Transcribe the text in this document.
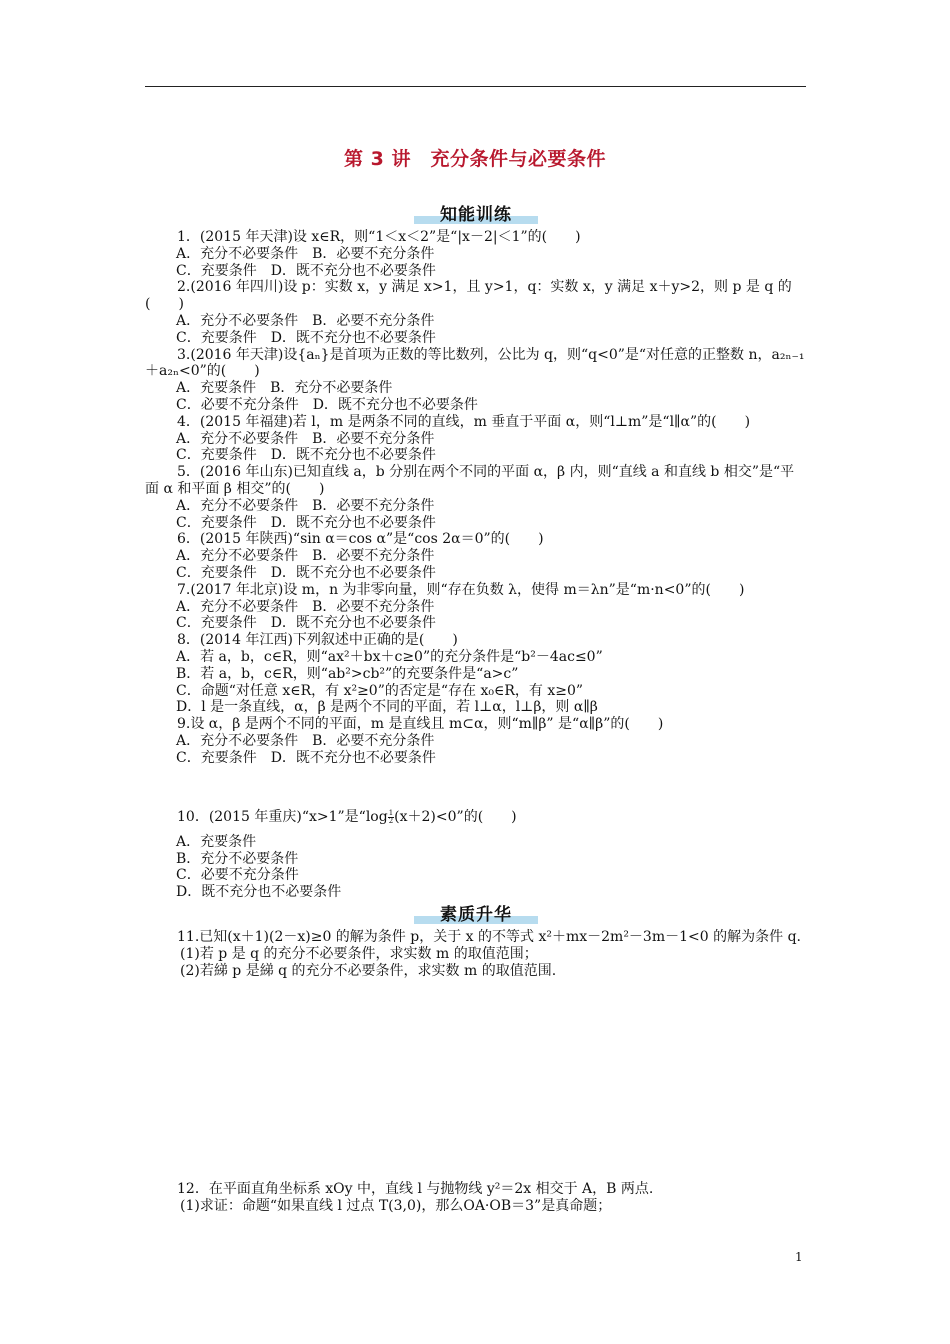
第 3 讲　充分条件与必要条件
知能训练
1．(2015 年天津)设 x∈R，则“1＜x＜2”是“|x－2|＜1”的(　　)
A．充分不必要条件　B．必要不充分条件
C．充要条件　D．既不充分也不必要条件
2.(2016 年四川)设 p：实数 x，y 满足 x>1，且 y>1，q：实数 x，y 满足 x＋y>2，则 p 是 q 的(　　)
A．充分不必要条件　B．必要不充分条件
C．充要条件　D．既不充分也不必要条件
3.(2016 年天津)设{aₙ}是首项为正数的等比数列，公比为 q，则“q<0”是“对任意的正整数 n，a₂ₙ₋₁＋a₂ₙ<0”的(　　)
A．充要条件　B．充分不必要条件
C．必要不充分条件　D．既不充分也不必要条件
4．(2015 年福建)若 l，m 是两条不同的直线，m 垂直于平面 α，则“l⊥m”是“l∥α”的(　　)
A．充分不必要条件　B．必要不充分条件
C．充要条件　D．既不充分也不必要条件
5．(2016 年山东)已知直线 a，b 分别在两个不同的平面 α，β 内，则“直线 a 和直线 b 相交”是“平面 α 和平面 β 相交”的(　　)
A．充分不必要条件　B．必要不充分条件
C．充要条件　D．既不充分也不必要条件
6．(2015 年陕西)“sin α＝cos α”是“cos 2α＝0”的(　　)
A．充分不必要条件　B．必要不充分条件
C．充要条件　D．既不充分也不必要条件
7.(2017 年北京)设 m，n 为非零向量，则“存在负数 λ，使得 m＝λn”是“m·n<0”的(　　)
A．充分不必要条件　B．必要不充分条件
C．充要条件　D．既不充分也不必要条件
8．(2014 年江西)下列叙述中正确的是(　　)
A．若 a，b，c∈R，则“ax²＋bx＋c≥0”的充分条件是“b²－4ac≤0”
B．若 a，b，c∈R，则“ab²>cb²”的充要条件是“a>c”
C．命题“对任意 x∈R，有 x²≥0”的否定是“存在 x₀∈R，有 x≥0”
D．l 是一条直线，α，β 是两个不同的平面，若 l⊥α，l⊥β，则 α∥β
9.设 α，β 是两个不同的平面，m 是直线且 m⊂α，则“m∥β” 是“α∥β”的(　　)
A．充分不必要条件　B．必要不充分条件
C．充要条件　D．既不充分也不必要条件
10．(2015 年重庆)“x>1”是“$\log \frac{1}{2} (x+2)<0$”的(　　)
A．充要条件
B．充分不必要条件
C．必要不充分条件
D．既不充分也不必要条件
素质升华
11.已知(x＋1)(2－x)≥0 的解为条件 p，关于 x 的不等式 x²＋mx－2m²－3m－1<0 的解为条件 q.
(1)若 p 是 q 的充分不必要条件，求实数 m 的取值范围；
(2)若綈 p 是綈 q 的充分不必要条件，求实数 m 的取值范围.
12．在平面直角坐标系 xOy 中，直线 l 与抛物线 y²＝2x 相交于 A，B 两点.
(1)求证：命题“如果直线 l 过点 T(3,0)，那么OA·OB＝3”是真命题；
1
